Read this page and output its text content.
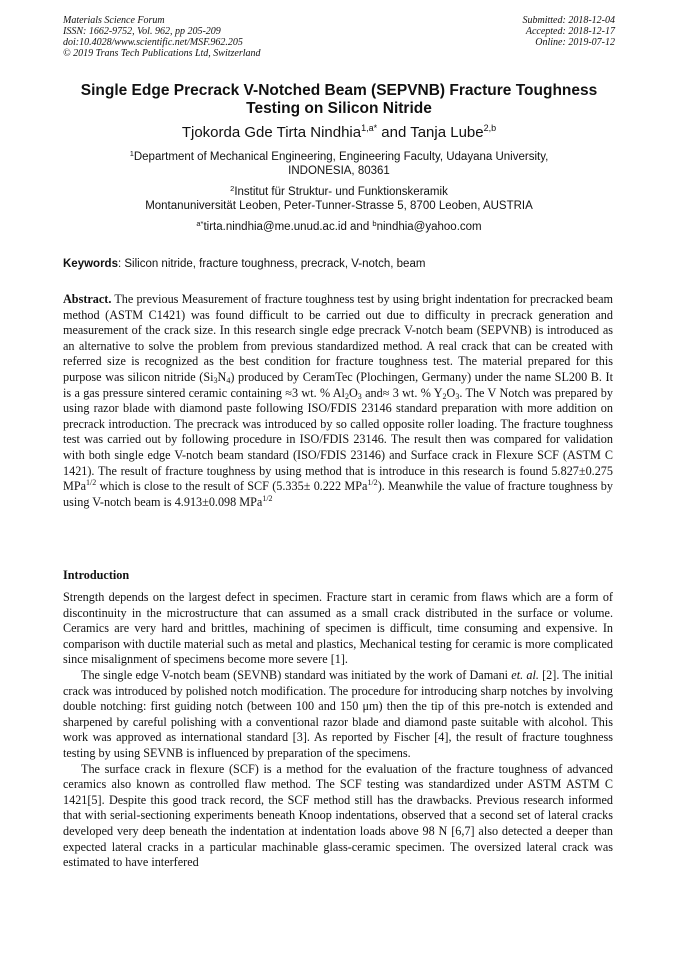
Materials Science Forum
ISSN: 1662-9752, Vol. 962, pp 205-209
doi:10.4028/www.scientific.net/MSF.962.205
© 2019 Trans Tech Publications Ltd, Switzerland
Submitted: 2018-12-04
Accepted: 2018-12-17
Online: 2019-07-12
Single Edge Precrack V-Notched Beam (SEPVNB) Fracture Toughness
Testing on Silicon Nitride
Tjokorda Gde Tirta Nindhia$^{1,a*}$ and Tanja Lube$^{2,b}$
$^1$Department of Mechanical Engineering, Engineering Faculty, Udayana University,
INDONESIA, 80361
$^2$Institut für Struktur- und Funktionskeramik
Montanuniversität Leoben, Peter-Tunner-Strasse 5, 8700 Leoben, AUSTRIA
$^{a*}$tirta.nindhia@me.unud.ac.id and $^b$nindhia@yahoo.com
Keywords: Silicon nitride, fracture toughness, precrack, V-notch, beam

Abstract. The previous Measurement of fracture toughness test by using bright indentation for precracked beam method (ASTM C1421) was found difficult to be carried out due to difficulty in precrack generation and measurement of the crack size. In this research single edge precrack V-notch beam (SEPVNB) is introduced as an alternative to solve the problem from previous standardized method. A real crack that can be created with referred size is recognized as the best condition for fracture toughness test. The material prepared for this purpose was silicon nitride $(Si_3N_4)$ produced by CeramTec (Plochingen, Germany) under the name SL200 B. It is a gas pressure sintered ceramic containing ≈3 wt. % $Al_2O_3$ and≈ 3 wt. % $Y_2O_3$. The V Notch was prepared by using razor blade with diamond paste following ISO/FDIS 23146 standard preparation with more addition on precrack introduction. The precrack was introduced by so called opposite roller loading. The fracture toughness test was carried out by following procedure in ISO/FDIS 23146. The result then was compared for validation with both single edge V-notch beam standard (ISO/FDIS 23146) and Surface crack in Flexure SCF (ASTM C 1421). The result of fracture toughness by using method that is introduce in this research is found 5.827±0.275 MPa$^{1/2}$ which is close to the result of SCF (5.335± 0.222 MPa$^{1/2}$). Meanwhile the value of fracture toughness by using V-notch beam is 4.913±0.098 MPa$^{1/2}$

Introduction

Strength depends on the largest defect in specimen. Fracture start in ceramic from flaws which are a form of discontinuity in the microstructure that can assumed as a small crack distributed in the surface or volume. Ceramics are very hard and brittles, machining of specimen is difficult, time consuming and expensive. In comparison with ductile material such as metal and plastics, Mechanical testing for ceramic is more complicated since misalignment of specimens become more severe [1].

The single edge V-notch beam (SEVNB) standard was initiated by the work of Damani et. al. [2]. The initial crack was introduced by polished notch modification. The procedure for introducing sharp notches by involving double notching: first guiding notch (between 100 and 150 μm) then the tip of this pre-notch is extended and sharpened by careful polishing with a conventional razor blade and diamond paste suitable with alcohol. This work was approved as international standard [3]. As reported by Fischer [4], the result of fracture toughness testing by using SEVNB is influenced by preparation of the specimens.

The surface crack in flexure (SCF) is a method for the evaluation of the fracture toughness of advanced ceramics also known as controlled flaw method. The SCF testing was standardized under ASTM ASTM C 1421[5]. Despite this good track record, the SCF method still has the drawbacks. Previous research informed that with serial-sectioning experiments beneath Knoop indentations, observed that a second set of lateral cracks developed very deep beneath the indentation at indentation loads above 98 N [6,7] also detected a deeper than expected lateral cracks in a particular machinable glass-ceramic specimen. The oversized lateral crack was estimated to have interfered
